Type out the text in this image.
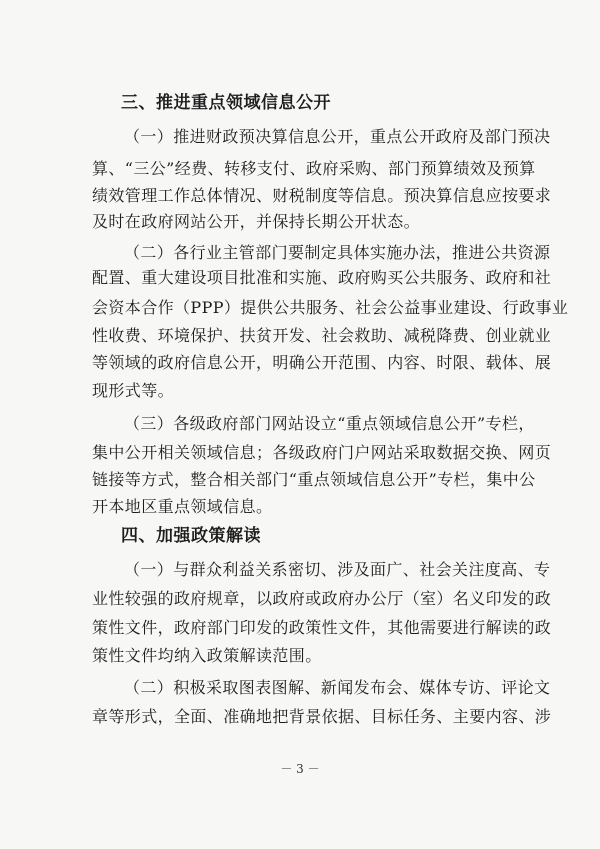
三、推进重点领域信息公开
（一）推进财政预决算信息公开，重点公开政府及部门预决
算、“三公”经费、转移支付、政府采购、部门预算绩效及预算
绩效管理工作总体情况、财税制度等信息。预决算信息应按要求
及时在政府网站公开，并保持长期公开状态。
（二）各行业主管部门要制定具体实施办法，推进公共资源
配置、重大建设项目批准和实施、政府购买公共服务、政府和社
会资本合作（PPP）提供公共服务、社会公益事业建设、行政事业
性收费、环境保护、扶贫开发、社会救助、减税降费、创业就业
等领域的政府信息公开，明确公开范围、内容、时限、载体、展
现形式等。
（三）各级政府部门网站设立“重点领域信息公开”专栏，
集中公开相关领域信息；各级政府门户网站采取数据交换、网页
链接等方式，整合相关部门“重点领域信息公开”专栏，集中公
开本地区重点领域信息。
四、加强政策解读
（一）与群众利益关系密切、涉及面广、社会关注度高、专
业性较强的政府规章，以政府或政府办公厅（室）名义印发的政
策性文件，政府部门印发的政策性文件，其他需要进行解读的政
策性文件均纳入政策解读范围。
（二）积极采取图表图解、新闻发布会、媒体专访、评论文
章等形式，全面、准确地把背景依据、目标任务、主要内容、涉
－ 3 －
